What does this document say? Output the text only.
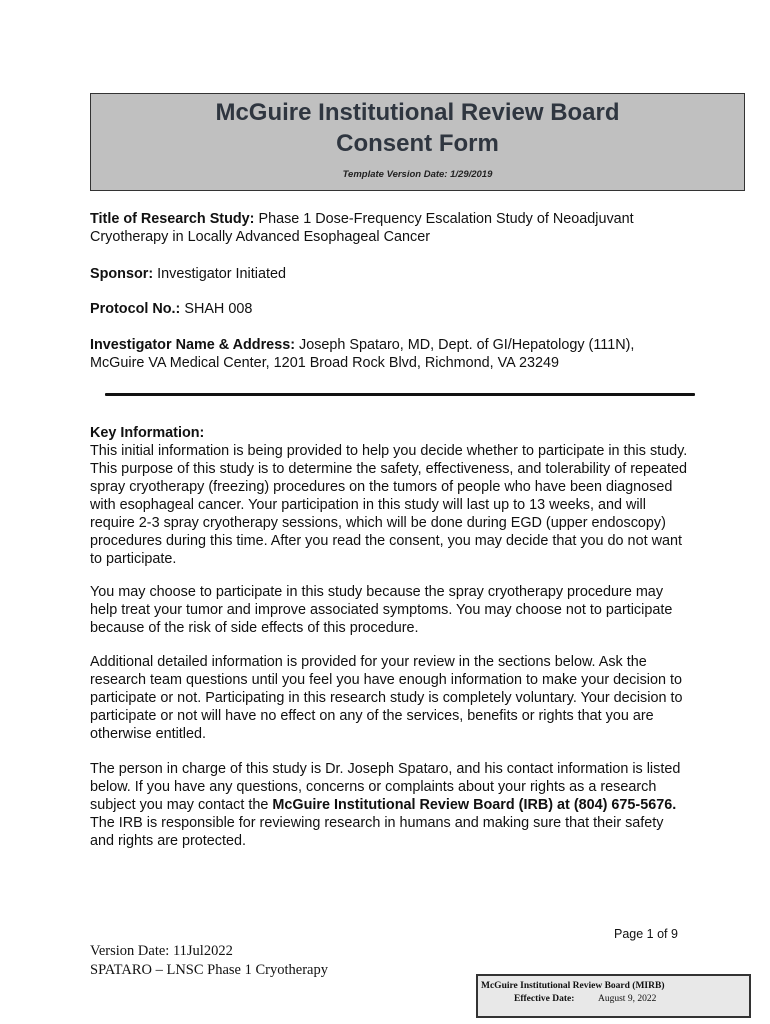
McGuire Institutional Review Board
Consent Form
Template Version Date: 1/29/2019
Title of Research Study: Phase 1 Dose-Frequency Escalation Study of Neoadjuvant Cryotherapy in Locally Advanced Esophageal Cancer
Sponsor: Investigator Initiated
Protocol No.: SHAH 008
Investigator Name & Address: Joseph Spataro, MD, Dept. of GI/Hepatology (111N), McGuire VA Medical Center, 1201 Broad Rock Blvd, Richmond, VA 23249
Key Information:
This initial information is being provided to help you decide whether to participate in this study. This purpose of this study is to determine the safety, effectiveness, and tolerability of repeated spray cryotherapy (freezing) procedures on the tumors of people who have been diagnosed with esophageal cancer. Your participation in this study will last up to 13 weeks, and will require 2-3 spray cryotherapy sessions, which will be done during EGD (upper endoscopy) procedures during this time. After you read the consent, you may decide that you do not want to participate.
You may choose to participate in this study because the spray cryotherapy procedure may help treat your tumor and improve associated symptoms. You may choose not to participate because of the risk of side effects of this procedure.
Additional detailed information is provided for your review in the sections below. Ask the research team questions until you feel you have enough information to make your decision to participate or not. Participating in this research study is completely voluntary. Your decision to participate or not will have no effect on any of the services, benefits or rights that you are otherwise entitled.
The person in charge of this study is Dr. Joseph Spataro, and his contact information is listed below. If you have any questions, concerns or complaints about your rights as a research subject you may contact the McGuire Institutional Review Board (IRB) at (804) 675-5676. The IRB is responsible for reviewing research in humans and making sure that their safety and rights are protected.
Page 1 of 9
Version Date: 11Jul2022
SPATARO – LNSC Phase 1 Cryotherapy
McGuire Institutional Review Board (MIRB)
Effective Date: August 9, 2022
